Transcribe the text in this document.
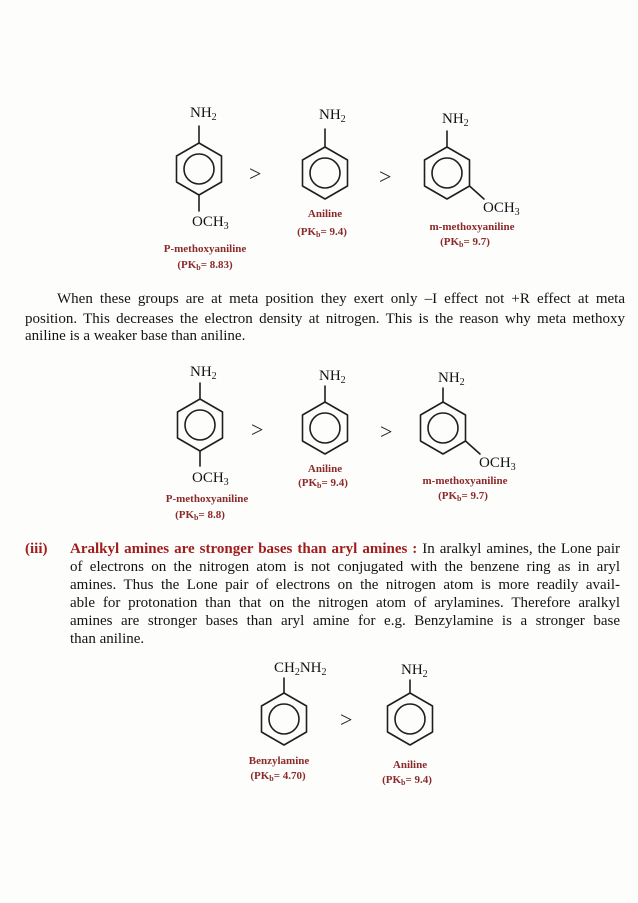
$NH_2$
$OCH_3$
P-methoxyaniline
$(PK_b= 8.83)$
>
$NH_2$
Aniline
$(PK_b= 9.4)$
>
$NH_2$
$OCH_3$
m-methoxyaniline
$(PK_b= 9.7)$
When these groups are at meta position they exert only –I effect not +R effect at meta
position. This decreases the electron density at nitrogen. This is the reason why meta methoxy
aniline is a weaker base than aniline.
$NH_2$
$OCH_3$
P-methoxyaniline
$(PK_b= 8.8)$
>
$NH_2$
Aniline
$(PK_b= 9.4)$
>
$NH_2$
$OCH_3$
m-methoxyaniline
$(PK_b= 9.7)$
(iii) Aralkyl amines are stronger bases than aryl amines : In aralkyl amines, the Lone pair
of electrons on the nitrogen atom is not conjugated with the benzene ring as in aryl
amines. Thus the Lone pair of electrons on the nitrogen atom is more readily avail-
able for protonation than that on the nitrogen atom of arylamines. Therefore aralkyl
amines are stronger bases than aryl amine for e.g. Benzylamine is a stronger base
than aniline.
$CH_2NH_2$
Benzylamine
$(PK_b= 4.70)$
>
$NH_2$
Aniline
$(PK_b= 9.4)$
